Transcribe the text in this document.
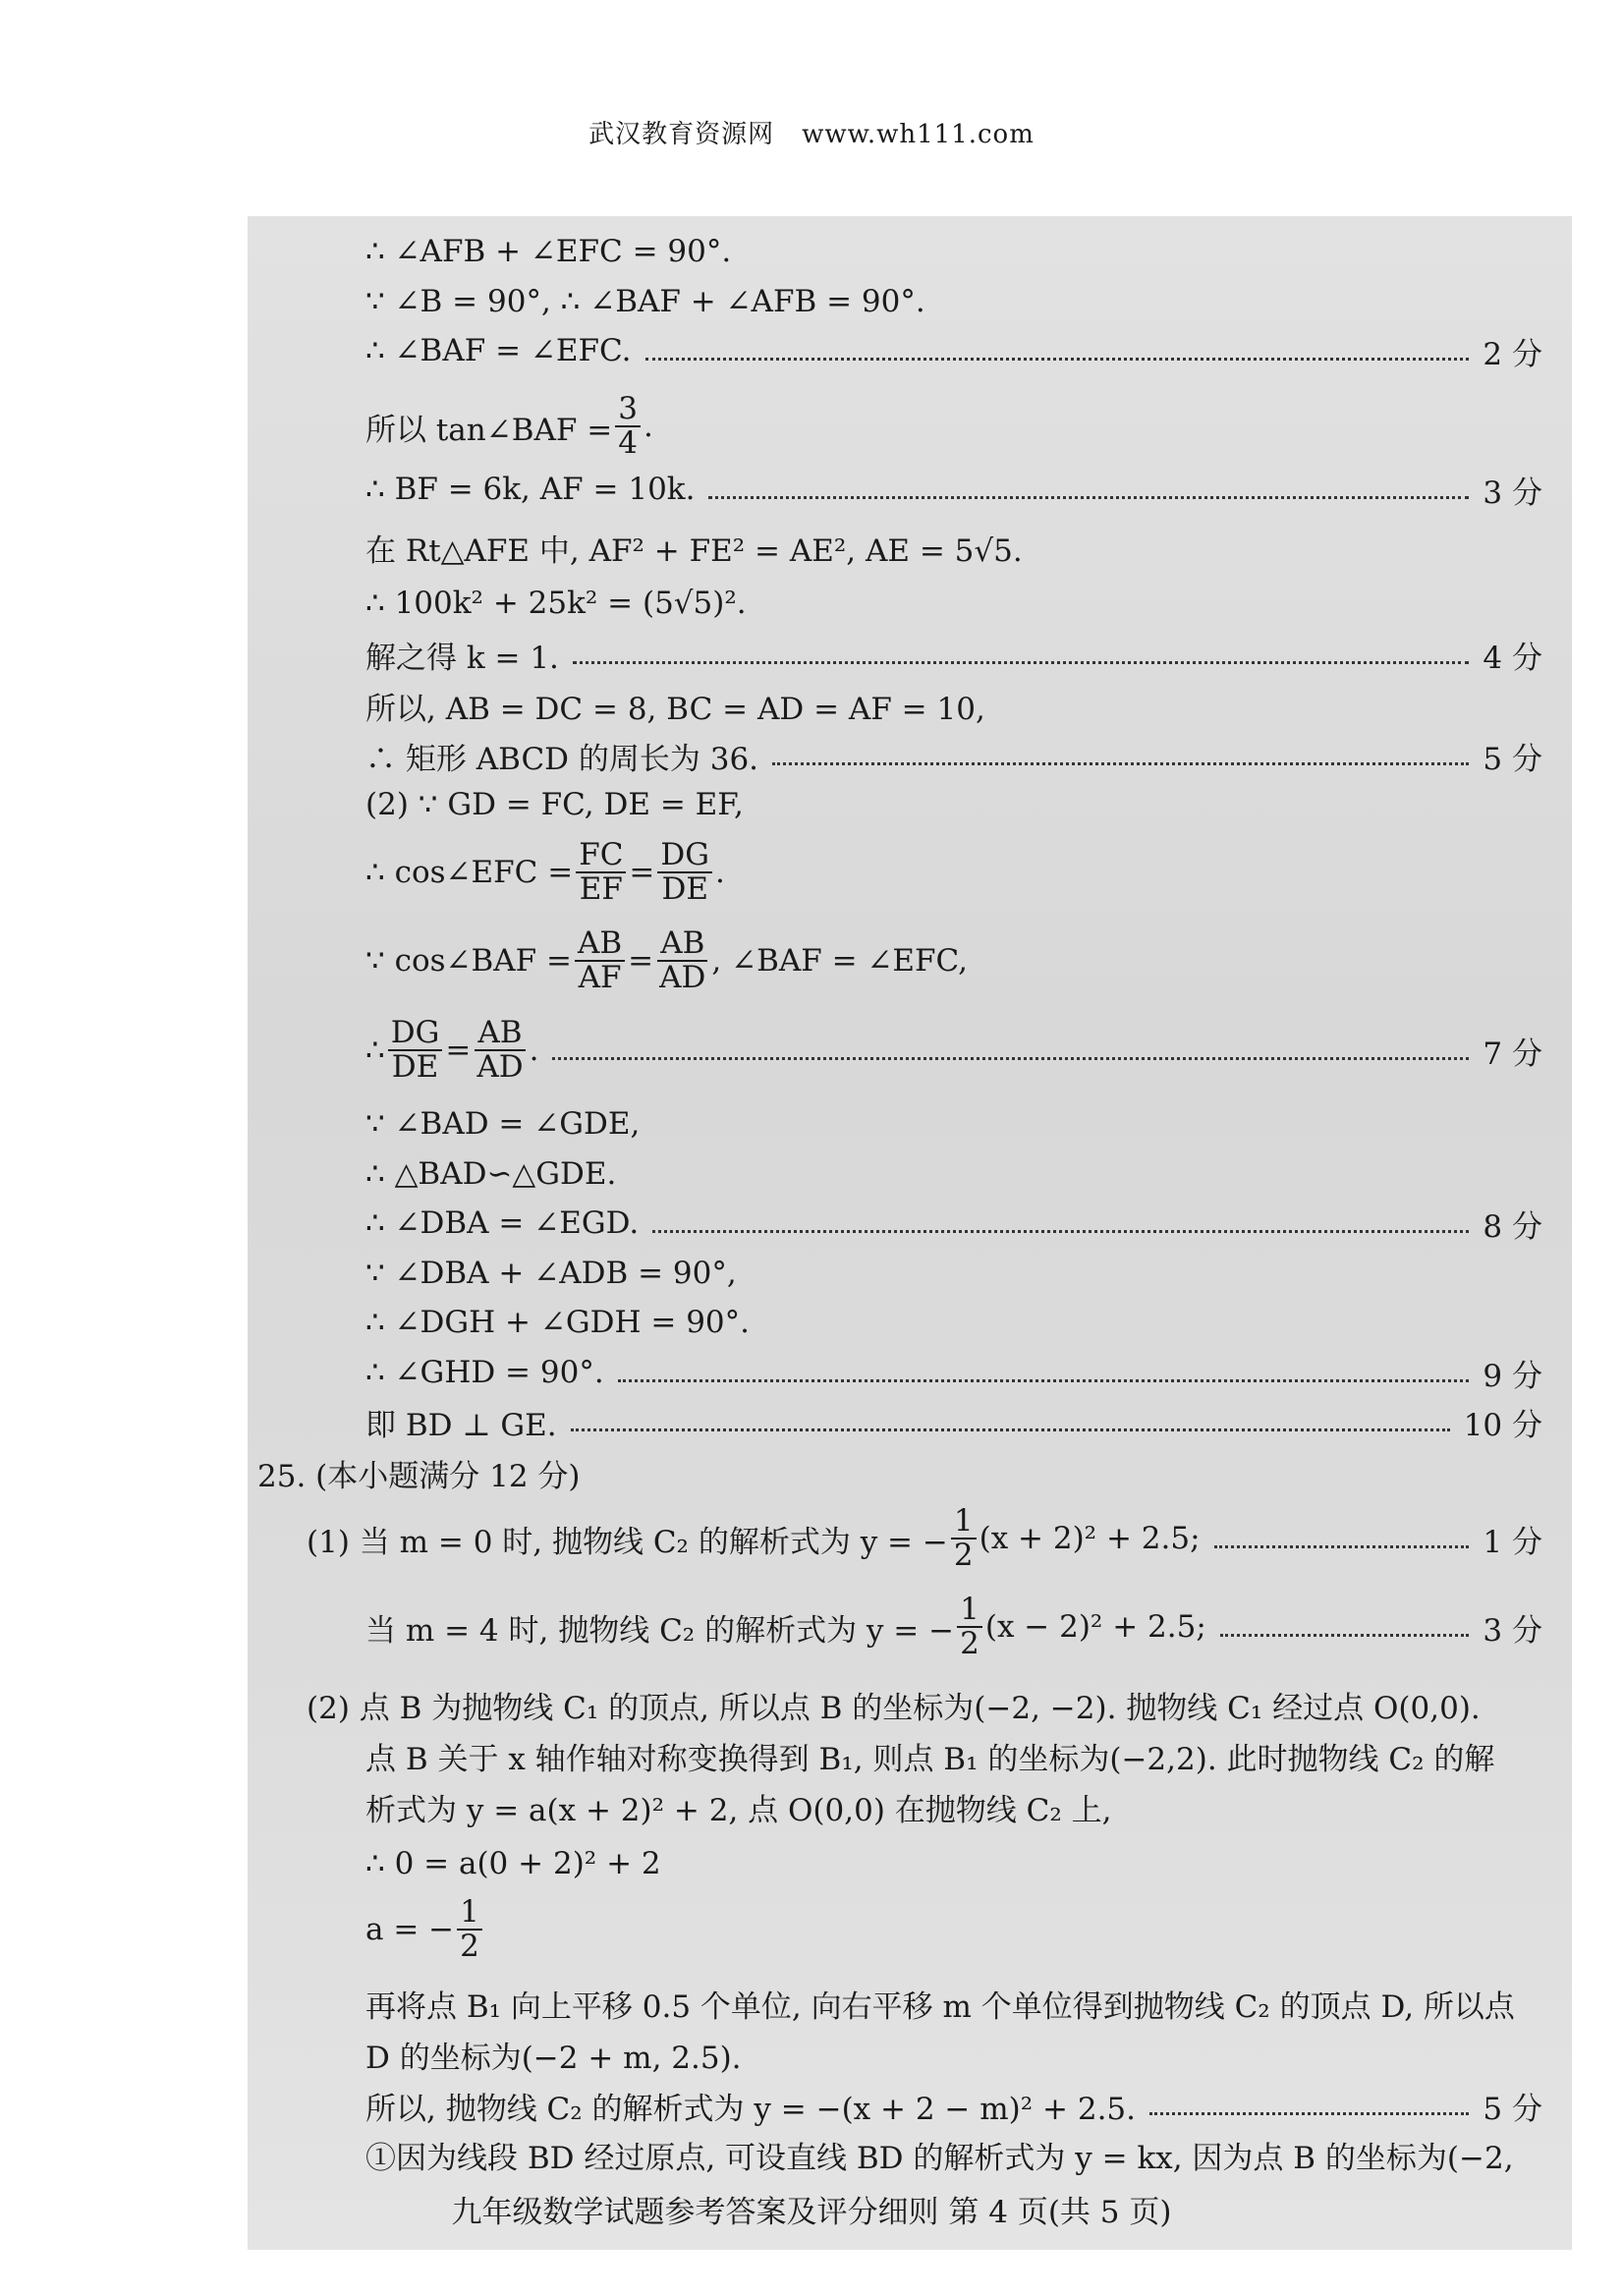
武汉教育资源网 www.wh111.com
∴ ∠AFB + ∠EFC = 90°.
∵ ∠B = 90°, ∴ ∠BAF + ∠AFB = 90°.
∴ ∠BAF = ∠EFC.	2 分
所以 tan∠BAF = $\frac{3}{4}$ .
∴ BF = 6k, AF = 10k.	3 分
在 Rt△AFE 中, AF² + FE² = AE², AE = 5√5.
∴ 100k² + 25k² = (5√5)².
解之得 k = 1.	4 分
所以, AB = DC = 8, BC = AD = AF = 10,
∴ 矩形 ABCD 的周长为 36.	5 分
(2) ∵ GD = FC, DE = EF,
∴ cos∠EFC = $\frac{FC}{EF} = \frac{DG}{DE}$ .
∵ cos∠BAF = $\frac{AB}{AF} = \frac{AB}{AD}$ , ∠BAF = ∠EFC,
∴ $\frac{DG}{DE} = \frac{AB}{AD}$ .	7 分
∵ ∠BAD = ∠GDE,
∴ △BAD∽△GDE.
∴ ∠DBA = ∠EGD.	8 分
∵ ∠DBA + ∠ADB = 90°,
∴ ∠DGH + ∠GDH = 90°.
∴ ∠GHD = 90°.	9 分
即 BD ⊥ GE.	10 分
25. (本小题满分 12 分)
(1) 当 m = 0 时, 抛物线 C₂ 的解析式为 y = − $\frac{1}{2} (x + 2)^2 + 2.5$;	1 分
当 m = 4 时, 抛物线 C₂ 的解析式为 y = − $\frac{1}{2} (x - 2)^2 + 2.5$;	3 分
(2) 点 B 为抛物线 C₁ 的顶点, 所以点 B 的坐标为(−2, −2). 抛物线 C₁ 经过点 O(0,0).
点 B 关于 x 轴作轴对称变换得到 B₁, 则点 B₁ 的坐标为(−2,2). 此时抛物线 C₂ 的解
析式为 y = a(x + 2)² + 2, 点 O(0,0) 在抛物线 C₂ 上,
∴ 0 = a(0 + 2)² + 2
a = − $\frac{1}{2}$
再将点 B₁ 向上平移 0.5 个单位, 向右平移 m 个单位得到抛物线 C₂ 的顶点 D, 所以点
D 的坐标为(−2 + m, 2.5).
所以, 抛物线 C₂ 的解析式为 y = −(x + 2 − m)² + 2.5.	5 分
①因为线段 BD 经过原点, 可设直线 BD 的解析式为 y = kx, 因为点 B 的坐标为(−2,
九年级数学试题参考答案及评分细则 第 4 页(共 5 页)
